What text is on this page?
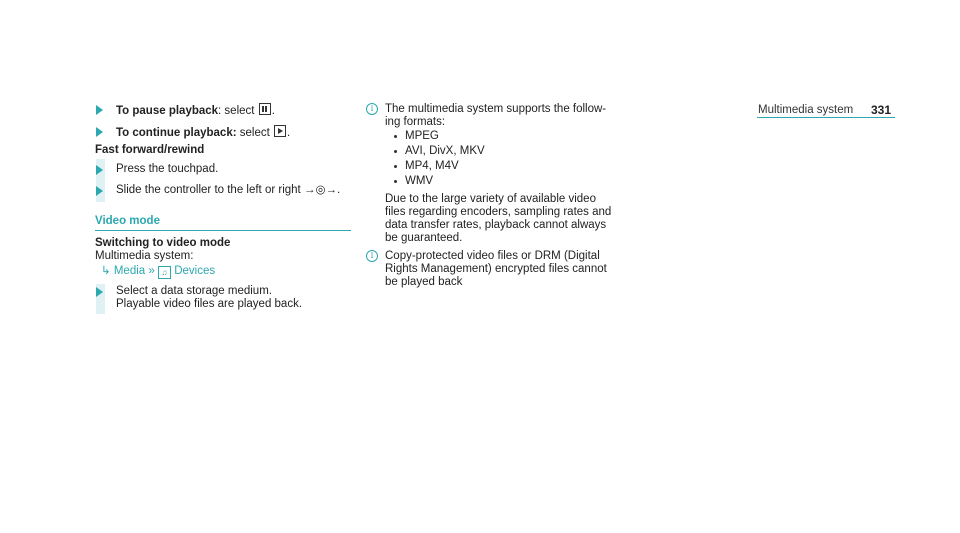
Multimedia system 331
To pause playback: select .
To continue playback: select .
Fast forward/rewind
Press the touchpad.
Slide the controller to the left or right →◎→.
Video mode
Switching to video mode
Multimedia system:
↳ Media » ♫ Devices
Select a data storage medium.
Playable video files are played back.
i	The multimedia system supports the follow-
ing formats:
MPEG
AVI, DivX, MKV
MP4, M4V
WMV
Due to the large variety of available video
files regarding encoders, sampling rates and
data transfer rates, playback cannot always
be guaranteed.
i	Copy-protected video files or DRM (Digital
Rights Management) encrypted files cannot
be played back
